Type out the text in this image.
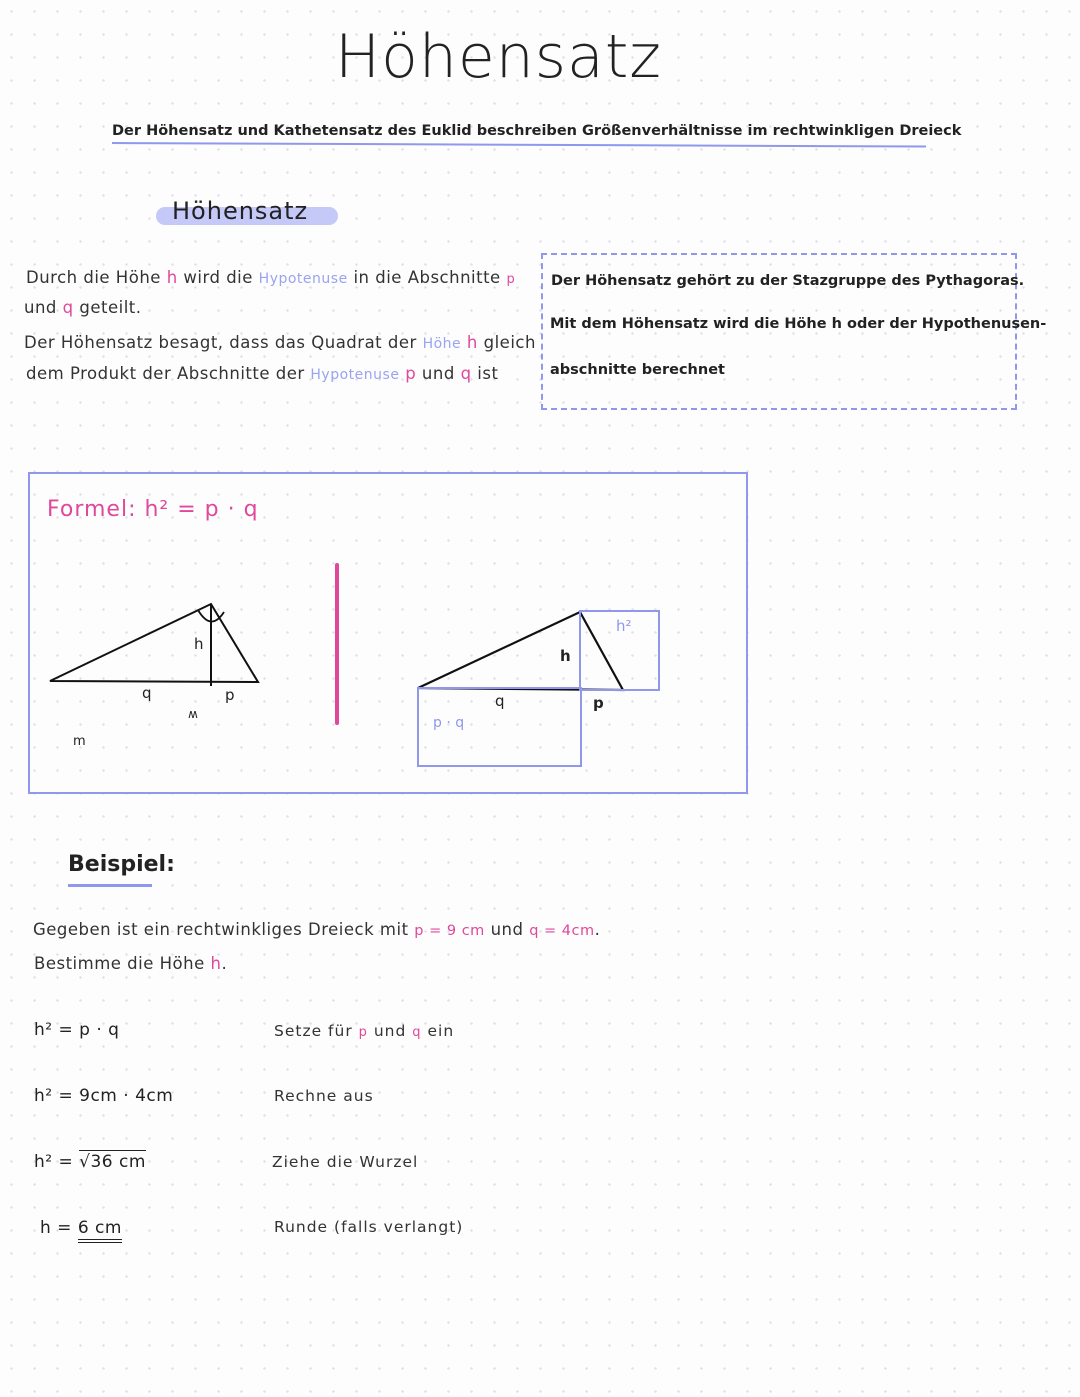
Höhensatz
Der Höhensatz und Kathetensatz des Euklid beschreiben Größenverhältnisse im rechtwinkligen Dreieck
Höhensatz
Durch die Höhe h wird die Hypotenuse in die Abschnitte p
und q geteilt.
Der Höhensatz besagt, dass das Quadrat der Höhe h gleich
dem Produkt der Abschnitte der Hypotenuse p und q ist
Der Höhensatz gehört zu der Stazgruppe des Pythagoras.
Mit dem Höhensatz wird die Höhe h oder der Hypothenusen-
abschnitte berechnet
Formel: h² = p · q
h
q	p
w
m
h
h²
q	p
p · q
Beispiel:
Gegeben ist ein rechtwinkliges Dreieck mit p = 9 cm und q = 4cm.
Bestimme die Höhe h.
h² = p · q	Setze für p und q ein
h² = 9cm · 4cm	Rechne aus
h² = √36 cm	Ziehe die Wurzel
h = 6 cm	Runde (falls verlangt)
